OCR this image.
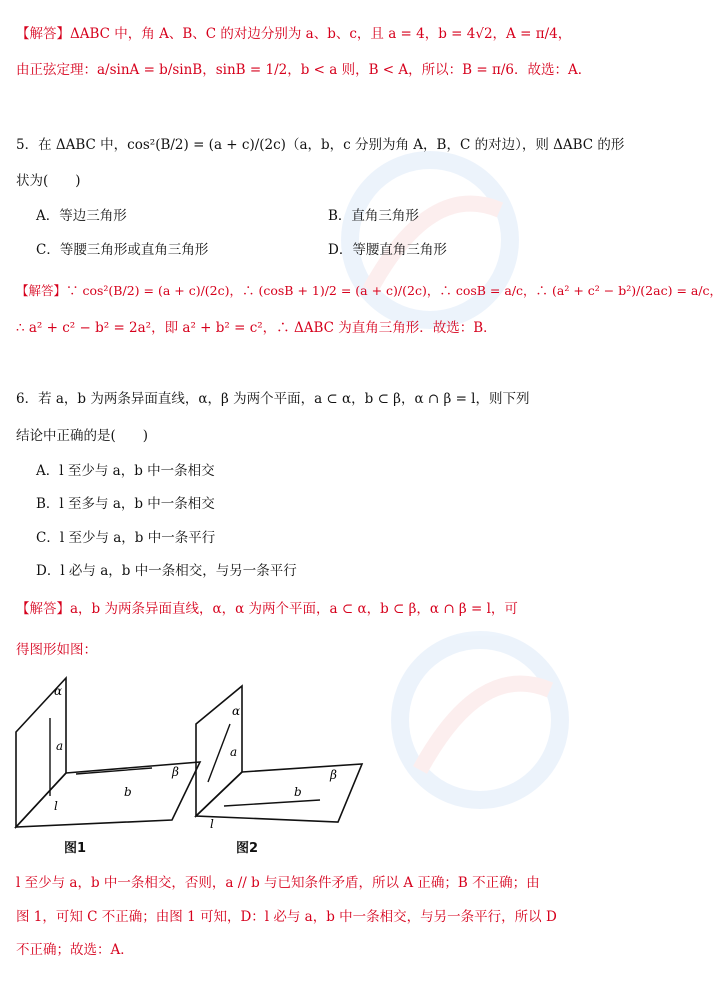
【解答】ΔABC 中，角 A、B、C 的对边分别为 a、b、c，且 a = 4，b = 4√2，A = π/4，
由正弦定理：a/sinA = b/sinB，sinB = 1/2，b < a 则，B < A，所以：B = π/6．故选：A．
5．在 ΔABC 中，cos²(B/2) = (a + c)/(2c)（a，b，c 分别为角 A，B，C 的对边），则 ΔABC 的形
状为(　　)
A．等边三角形	B．直角三角形
C．等腰三角形或直角三角形	D．等腰直角三角形
【解答】∵ cos²(B/2) = (a + c)/(2c)，∴ (cosB + 1)/2 = (a + c)/(2c)，∴ cosB = a/c，∴ (a² + c² − b²)/(2ac) = a/c，
∴ a² + c² − b² = 2a²，即 a² + b² = c²，∴ ΔABC 为直角三角形．故选：B．
6．若 a，b 为两条异面直线，α，β 为两个平面，a ⊂ α，b ⊂ β，α ∩ β = l，则下列
结论中正确的是(　　)
A．l 至少与 a，b 中一条相交
B．l 至多与 a，b 中一条相交
C．l 至少与 a，b 中一条平行
D．l 必与 a，b 中一条相交，与另一条平行
【解答】a，b 为两条异面直线，α，α 为两个平面，a ⊂ α，b ⊂ β，α ∩ β = l，可
得图形如图：
α
a
l
b
β
图1
α
a
l
b
β
图2
l 至少与 a，b 中一条相交，否则，a // b 与已知条件矛盾，所以 A 正确；B 不正确；由
图 1，可知 C 不正确；由图 1 可知，D：l 必与 a，b 中一条相交，与另一条平行，所以 D
不正确；故选：A．
